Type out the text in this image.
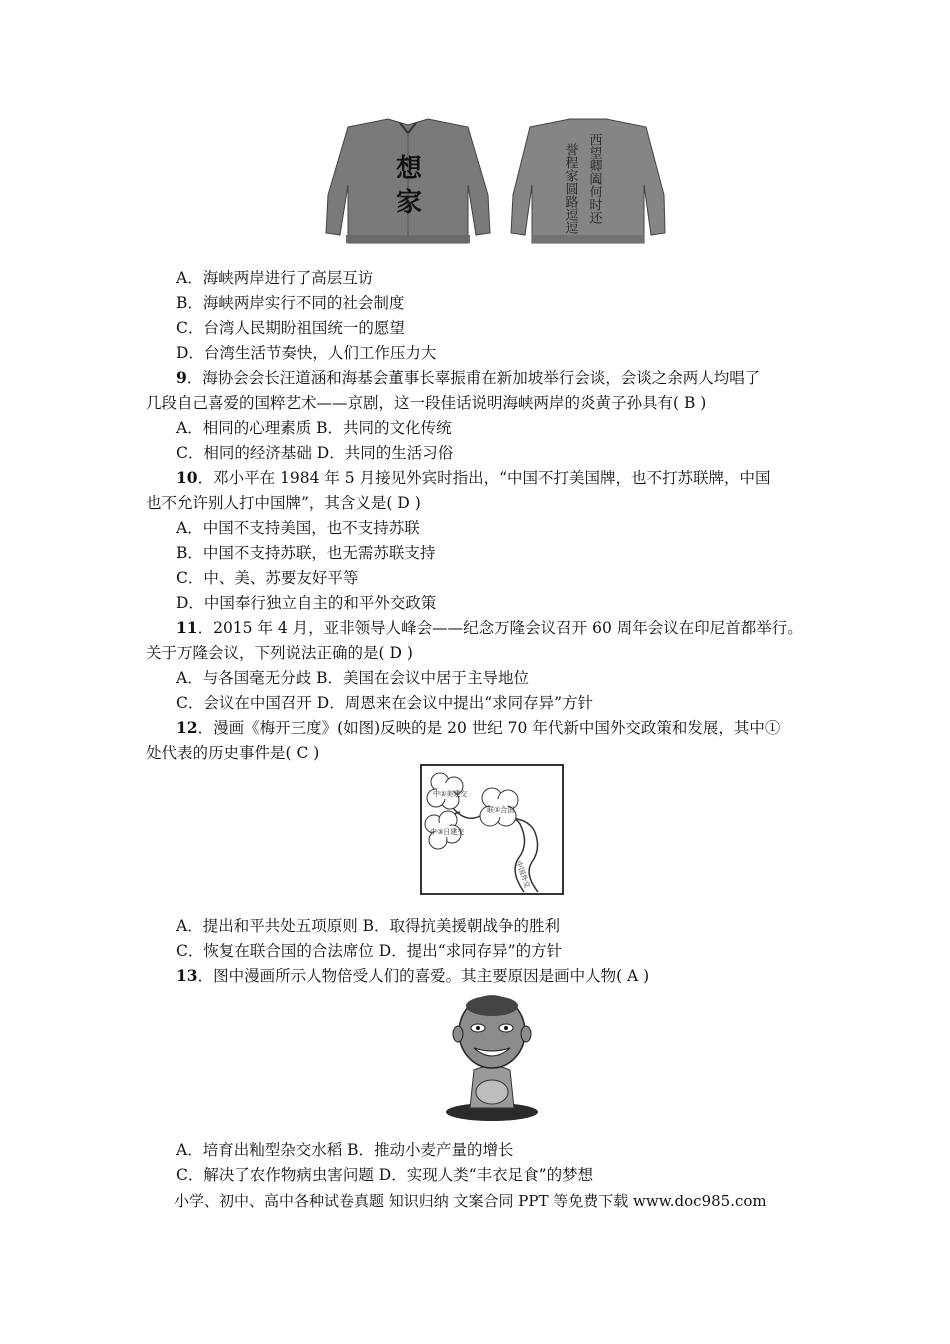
想
家	誉程家圆路逗逗 西望卿阖何时还
A．海峡两岸进行了高层互访
B．海峡两岸实行不同的社会制度
C．台湾人民期盼祖国统一的愿望
D．台湾生活节奏快，人们工作压力大
9．海协会会长汪道涵和海基会董事长辜振甫在新加坡举行会谈，会谈之余两人均唱了
几段自己喜爱的国粹艺术——京剧，这一段佳话说明海峡两岸的炎黄子孙具有( B )
A．相同的心理素质 B．共同的文化传统
C．相同的经济基础 D．共同的生活习俗
10．邓小平在 1984 年 5 月接见外宾时指出，“中国不打美国牌，也不打苏联牌，中国
也不允许别人打中国牌”，其含义是( D )
A．中国不支持美国，也不支持苏联
B．中国不支持苏联，也无需苏联支持
C．中、美、苏要友好平等
D．中国奉行独立自主的和平外交政策
11．2015 年 4 月，亚非领导人峰会——纪念万隆会议召开 60 周年会议在印尼首都举行。
关于万隆会议，下列说法正确的是( D )
A．与各国毫无分歧 B．美国在会议中居于主导地位
C．会议在中国召开 D．周恩来在会议中提出“求同存异”方针
12．漫画《梅开三度》(如图)反映的是 20 世纪 70 年代新中国外交政策和发展，其中①
处代表的历史事件是( C )
中②美建交
联①合国
中③日建交
中国外交
A．提出和平共处五项原则 B．取得抗美援朝战争的胜利
C．恢复在联合国的合法席位 D．提出“求同存异”的方针
13．图中漫画所示人物倍受人们的喜爱。其主要原因是画中人物( A )
A．培育出籼型杂交水稻 B．推动小麦产量的增长
C．解决了农作物病虫害问题 D．实现人类“丰衣足食”的梦想
小学、初中、高中各种试卷真题 知识归纳 文案合同 PPT 等免费下载 www.doc985.com
